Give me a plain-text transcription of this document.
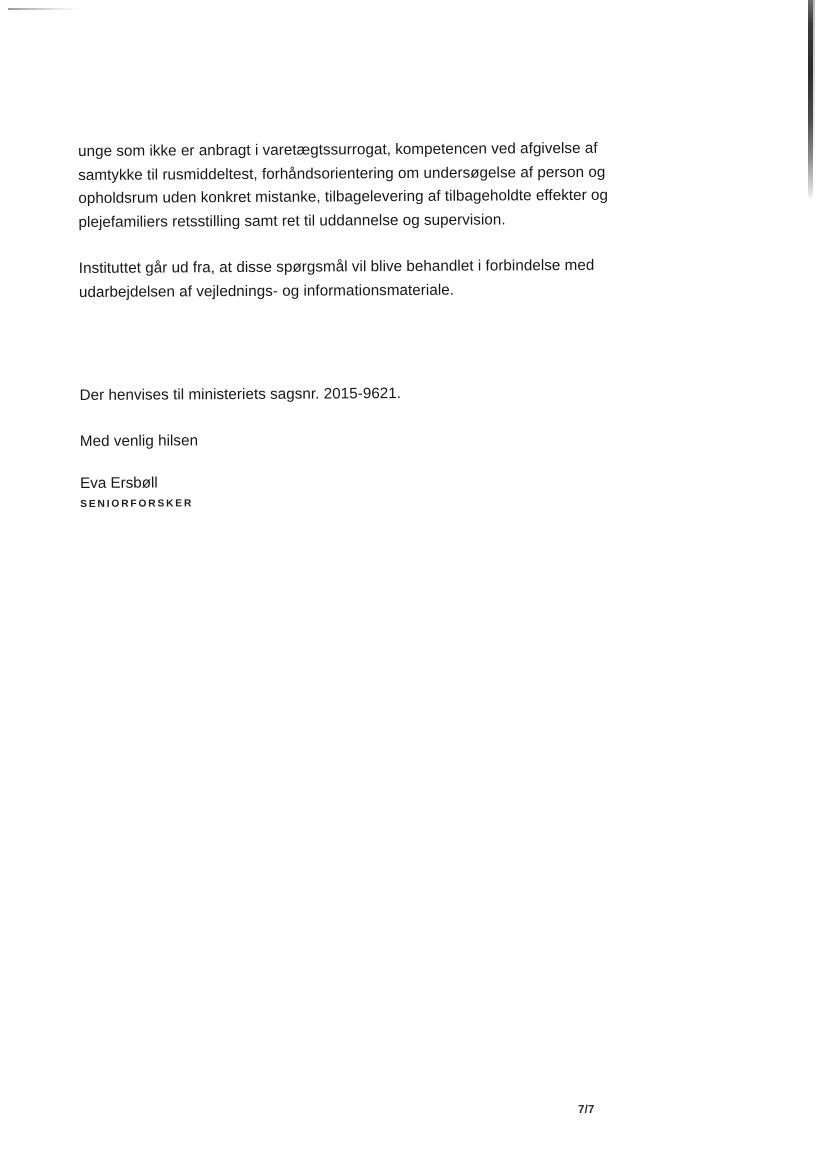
unge som ikke er anbragt i varetægtssurrogat, kompetencen ved afgivelse af samtykke til rusmiddeltest, forhåndsorientering om undersøgelse af person og opholdsrum uden konkret mistanke, tilbagelevering af tilbageholdte effekter og plejefamiliers retsstilling samt ret til uddannelse og supervision.

Instituttet går ud fra, at disse spørgsmål vil blive behandlet i forbindelse med udarbejdelsen af vejlednings- og informationsmateriale.

Der henvises til ministeriets sagsnr. 2015-9621.

Med venlig hilsen

Eva Ersbøll

SENIORFORSKER

7/7
